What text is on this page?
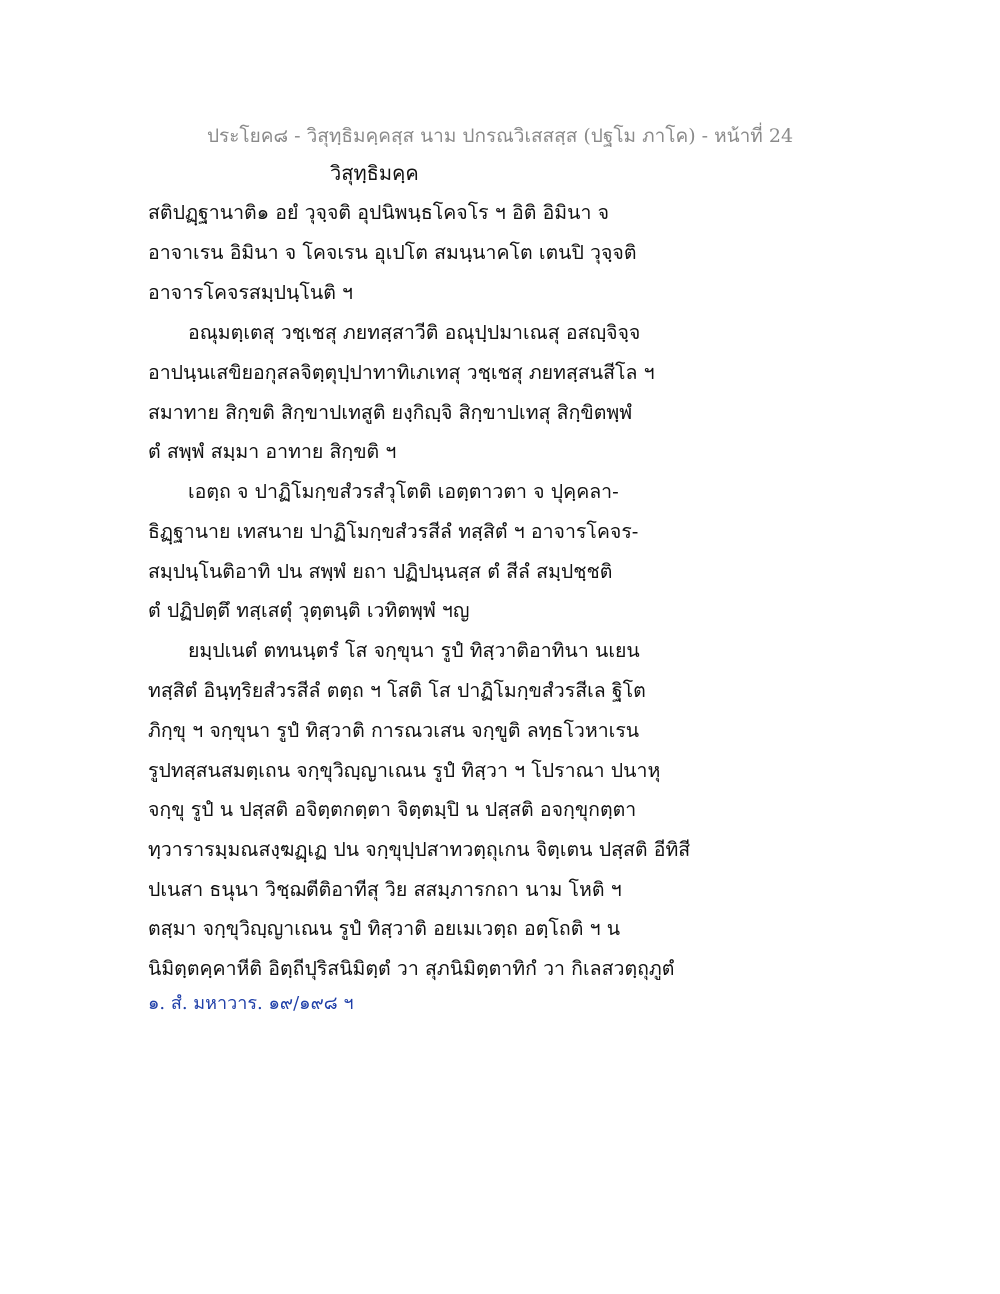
ประโยค๘ - วิสุทฺธิมคฺคสฺส นาม ปกรณวิเสสสฺส (ปฐโม ภาโค) - หน้าที่ 24
วิสุทฺธิมคฺค
สติปฏฺฐานาติ๑ อยํ วุจฺจติ อุปนิพนฺธโคจโร ฯ อิติ อิมินา จ
อาจาเรน อิมินา จ โคจเรน อุเปโต สมนฺนาคโต เตนปิ วุจฺจติ
อาจารโคจรสมฺปนฺโนติ ฯ
อณุมตฺเตสุ วชฺเชสุ ภยทสฺสาวีติ อณุปฺปมาเณสุ อสญฺจิจฺจ
อาปนฺนเสขิยอกุสลจิตฺตุปฺปาทาทิเภเทสุ วชฺเชสุ ภยทสฺสนสีโล ฯ
สมาทาย สิกฺขติ สิกฺขาปเทสูติ ยงฺกิญฺจิ สิกฺขาปเทสุ สิกฺขิตพฺพํ
ตํ สพฺพํ สมฺมา อาทาย สิกฺขติ ฯ
เอตฺถ จ ปาฏิโมกฺขสํวรสํวุโตติ เอตฺตาวตา จ ปุคฺคลา-
ธิฏฺฐานาย เทสนาย ปาฏิโมกฺขสํวรสีลํ ทสฺสิตํ ฯ อาจารโคจร-
สมฺปนฺโนติอาทิ ปน สพฺพํ ยถา ปฏิปนฺนสฺส ตํ สีลํ สมฺปชฺชติ
ตํ ปฏิปตฺตึ ทสฺเสตุํ วุตฺตนฺติ เวทิตพฺพํ ฯญ
ยมฺปเนตํ ตทนนฺตรํ โส จกฺขุนา รูปํ ทิสฺวาติอาทินา นเยน
ทสฺสิตํ อินฺทฺริยสํวรสีลํ ตตฺถ ฯ โสติ โส ปาฏิโมกฺขสํวรสีเล ฐิโต
ภิกฺขุ ฯ จกฺขุนา รูปํ ทิสฺวาติ การณวเสน จกฺขูติ ลทฺธโวหาเรน
รูปทสฺสนสมตฺเถน จกฺขุวิญฺญาเณน รูปํ ทิสฺวา ฯ โปราณา ปนาหุ
จกฺขุ รูปํ น ปสฺสติ อจิตฺตกตฺตา จิตฺตมฺปิ น ปสฺสติ อจกฺขุกตฺตา
ทฺวารารมฺมณสงฺฆฏฺเฏ ปน จกฺขุปฺปสาทวตฺถุเกน จิตฺเตน ปสฺสติ อีทิสี
ปเนสา ธนุนา วิชฺฌตีติอาทีสุ วิย สสมฺภารกถา นาม โหติ ฯ
ตสฺมา จกฺขุวิญฺญาเณน รูปํ ทิสฺวาติ อยเมเวตฺถ อตฺโถติ ฯ น
นิมิตฺตคฺคาหีติ อิตฺถีปุริสนิมิตฺตํ วา สุภนิมิตฺตาทิกํ วา กิเลสวตฺถุภูตํ
๑. สํ. มหาวาร. ๑๙/๑๙๘ ฯ
